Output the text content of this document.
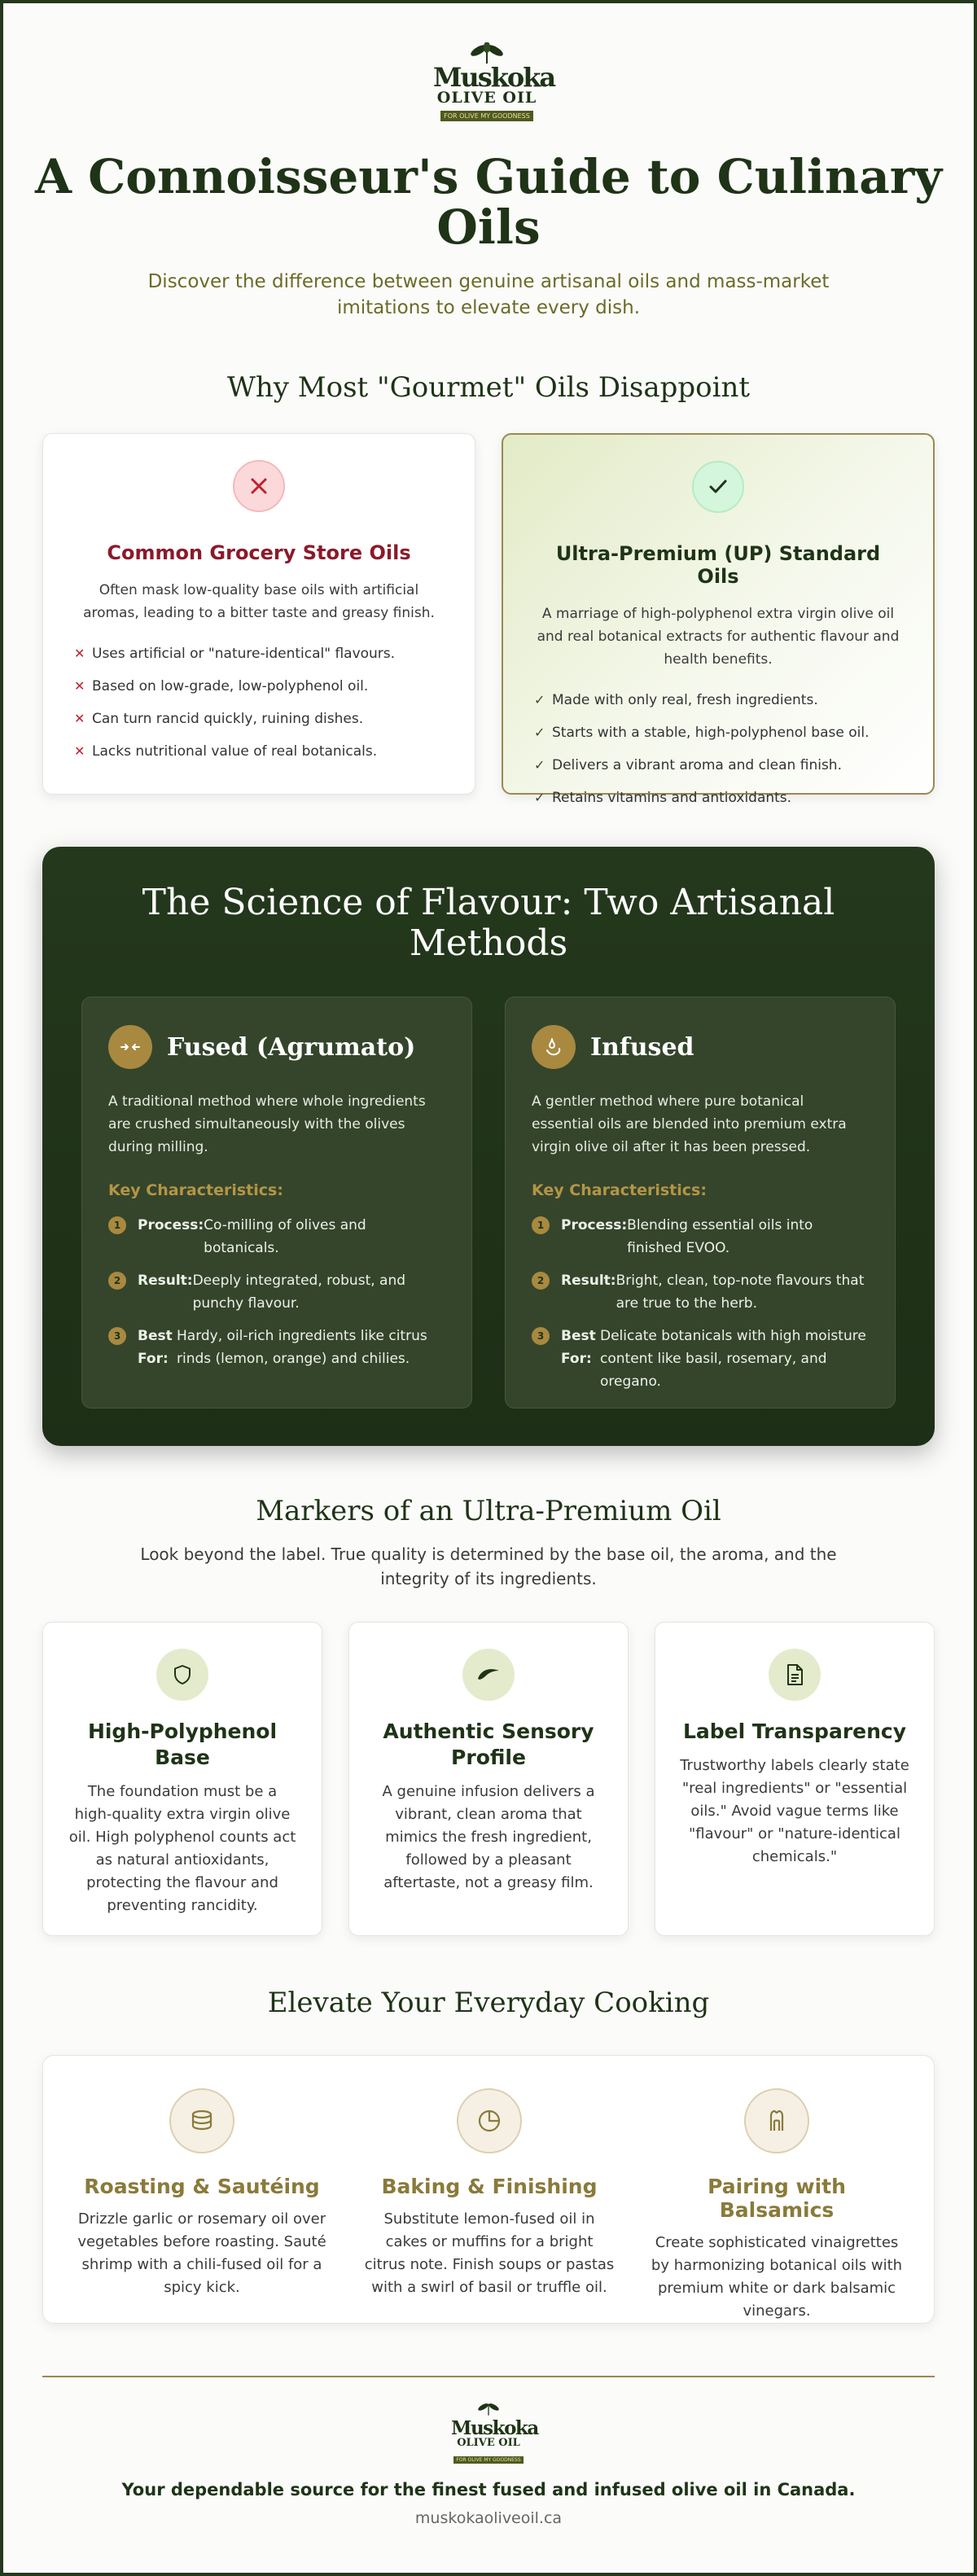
Muskoka
OLIVE OIL
FOR OLIVE MY GOODNESS
A Connoisseur's Guide to Culinary Oils
Discover the difference between genuine artisanal oils and mass-market imitations to elevate every dish.
Why Most "Gourmet" Oils Disappoint
Common Grocery Store Oils

Often mask low-quality base oils with artificial aromas, leading to a bitter taste and greasy finish.

✕ Uses artificial or "nature-identical" flavours.
✕ Based on low-grade, low-polyphenol oil.
✕ Can turn rancid quickly, ruining dishes.
✕ Lacks nutritional value of real botanicals.
Ultra-Premium (UP) Standard Oils

A marriage of high-polyphenol extra virgin olive oil and real botanical extracts for authentic flavour and health benefits.

✓ Made with only real, fresh ingredients.
✓ Starts with a stable, high-polyphenol base oil.
✓ Delivers a vibrant aroma and clean finish.
✓ Retains vitamins and antioxidants.
The Science of Flavour: Two Artisanal Methods
Fused (Agrumato)

A traditional method where whole ingredients are crushed simultaneously with the olives during milling.

Key Characteristics:
1	Process: Co-milling of olives and botanicals.
2	Result: Deeply integrated, robust, and punchy flavour.
3	Best For:
Hardy, oil-rich ingredients like citrus rinds (lemon, orange) and chilies.
Infused

A gentler method where pure botanical essential oils are blended into premium extra virgin olive oil after it has been pressed.

Key Characteristics:
1	Process: Blending essential oils into finished EVOO.
2	Result: Bright, clean, top-note flavours that are true to the herb.
3	Best For:
Delicate botanicals with high moisture content like basil, rosemary, and oregano.
Markers of an Ultra-Premium Oil
Look beyond the label. True quality is determined by the base oil, the aroma, and the integrity of its ingredients.
High-Polyphenol Base

The foundation must be a high-quality extra virgin olive oil. High polyphenol counts act as natural antioxidants, protecting the flavour and preventing rancidity.

Authentic Sensory Profile

A genuine infusion delivers a vibrant, clean aroma that mimics the fresh ingredient, followed by a pleasant aftertaste, not a greasy film.

Label Transparency

Trustworthy labels clearly state "real ingredients" or "essential oils." Avoid vague terms like "flavour" or "nature-identical chemicals."

Elevate Your Everyday Cooking
Roasting & Sautéing

Drizzle garlic or rosemary oil over vegetables before roasting. Sauté shrimp with a chili-fused oil for a spicy kick.

Baking & Finishing

Substitute lemon-fused oil in cakes or muffins for a bright citrus note. Finish soups or pastas with a swirl of basil or truffle oil.

Pairing with Balsamics

Create sophisticated vinaigrettes by harmonizing botanical oils with premium white or dark balsamic vinegars.

Muskoka
OLIVE OIL
FOR OLIVE MY GOODNESS
Your dependable source for the finest fused and infused olive oil in Canada.
muskokaoliveoil.ca
